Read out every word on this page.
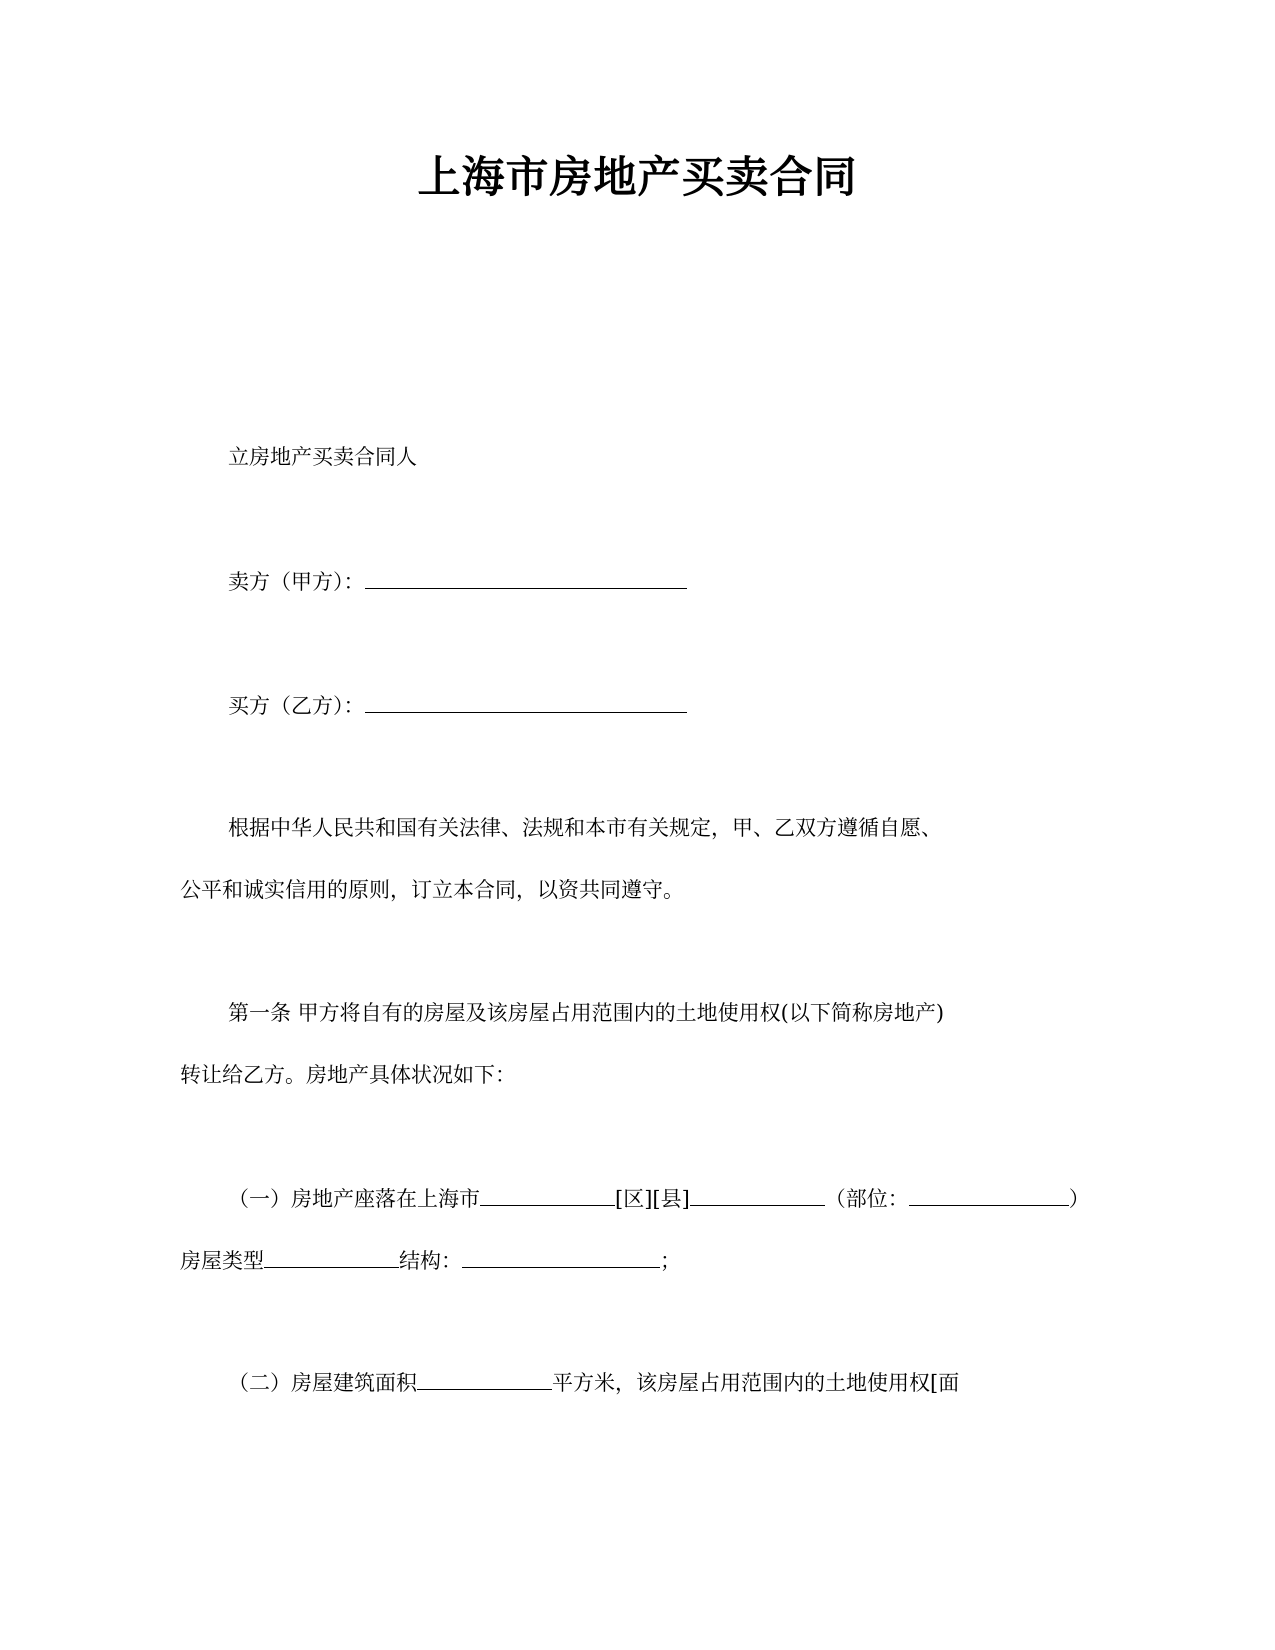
上海市房地产买卖合同
立房地产买卖合同人
卖方（甲方）：
买方（乙方）：
根据中华人民共和国有关法律、法规和本市有关规定，甲、乙双方遵循自愿、
公平和诚实信用的原则，订立本合同，以资共同遵守。
第一条 甲方将自有的房屋及该房屋占用范围内的土地使用权(以下简称房地产)
转让给乙方。房地产具体状况如下：
（一）房地产座落在上海市	[区][县]	（部位：	）
房屋类型	结构：	；
（二）房屋建筑面积	平方米，该房屋占用范围内的土地使用权[面
